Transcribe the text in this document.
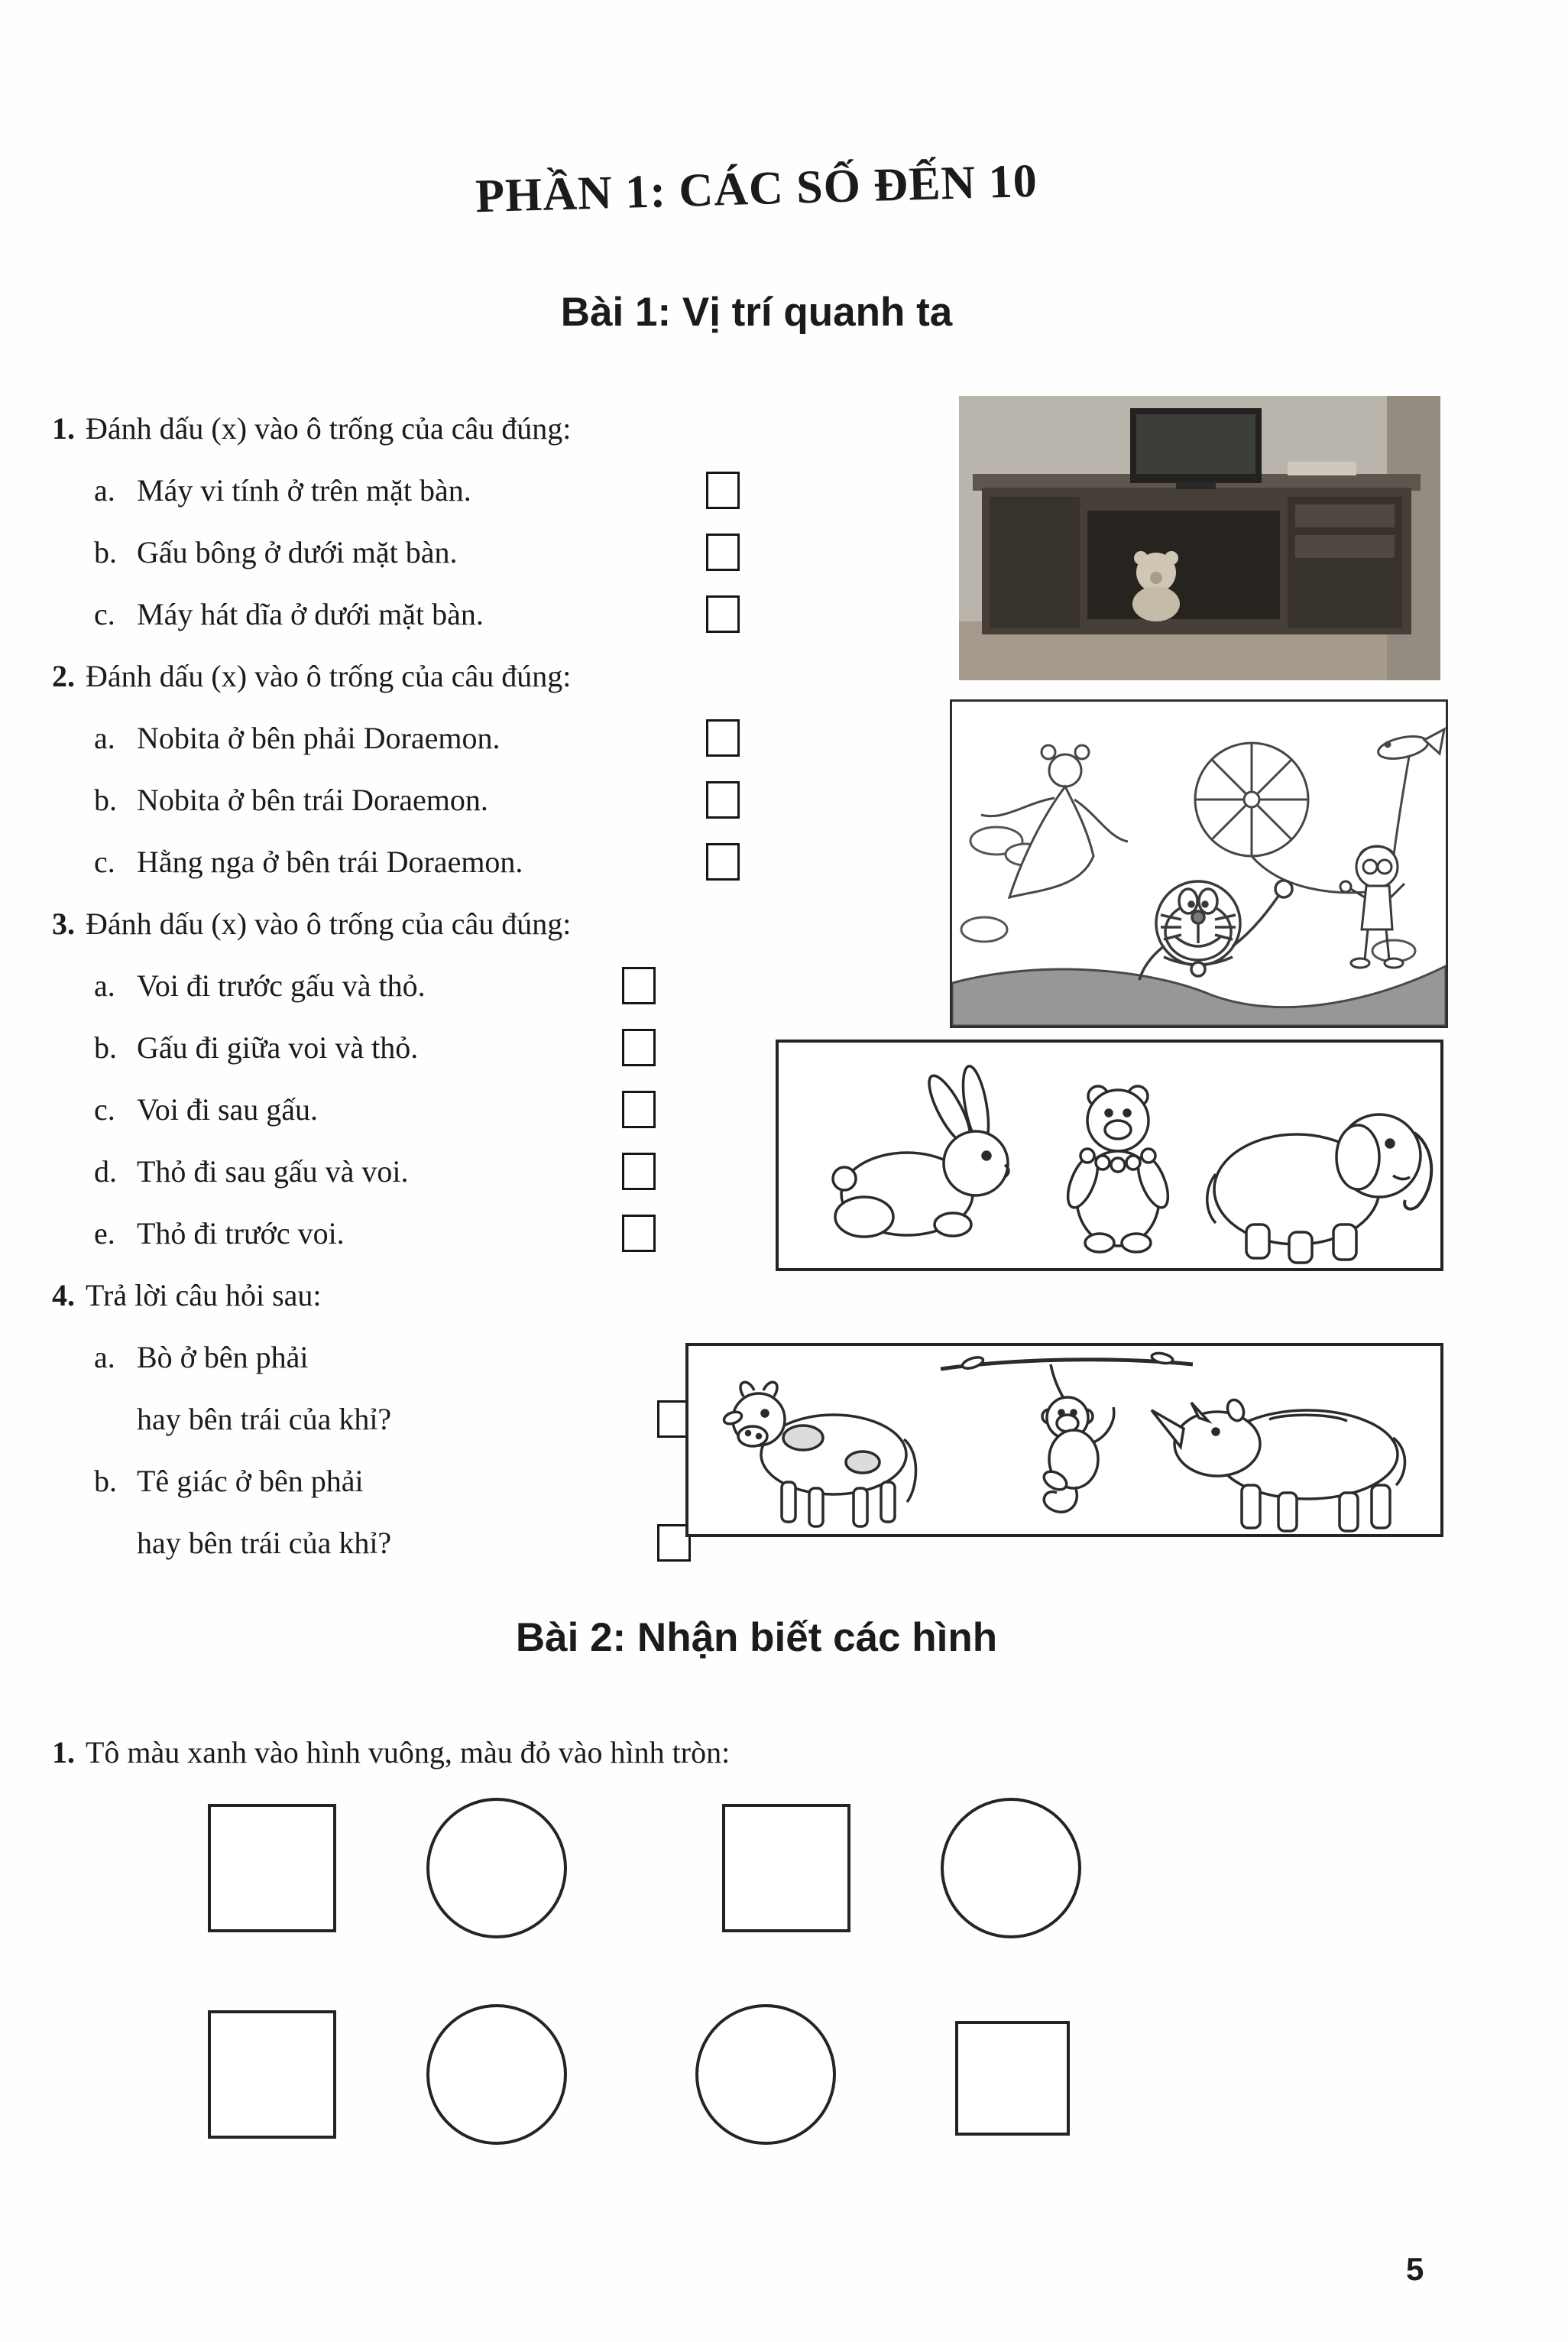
PHẦN 1: CÁC SỐ ĐẾN 10
Bài 1: Vị trí quanh ta
1. Đánh dấu (x) vào ô trống của câu đúng:
a. Máy vi tính ở trên mặt bàn.
b. Gấu bông ở dưới mặt bàn.
c. Máy hát dĩa ở dưới mặt bàn.
2. Đánh dấu (x) vào ô trống của câu đúng:
a. Nobita ở bên phải Doraemon.
b. Nobita ở bên trái Doraemon.
c. Hằng nga ở bên trái Doraemon.
3. Đánh dấu (x) vào ô trống của câu đúng:
a. Voi đi trước gấu và thỏ.
b. Gấu đi giữa voi và thỏ.
c. Voi đi sau gấu.
d. Thỏ đi sau gấu và voi.
e. Thỏ đi trước voi.
4. Trả lời câu hỏi sau:
a. Bò ở bên phải
hay bên trái của khỉ?
b. Tê giác ở bên phải
hay bên trái của khỉ?
Bài 2: Nhận biết các hình
1. Tô màu xanh vào hình vuông, màu đỏ vào hình tròn:
5
